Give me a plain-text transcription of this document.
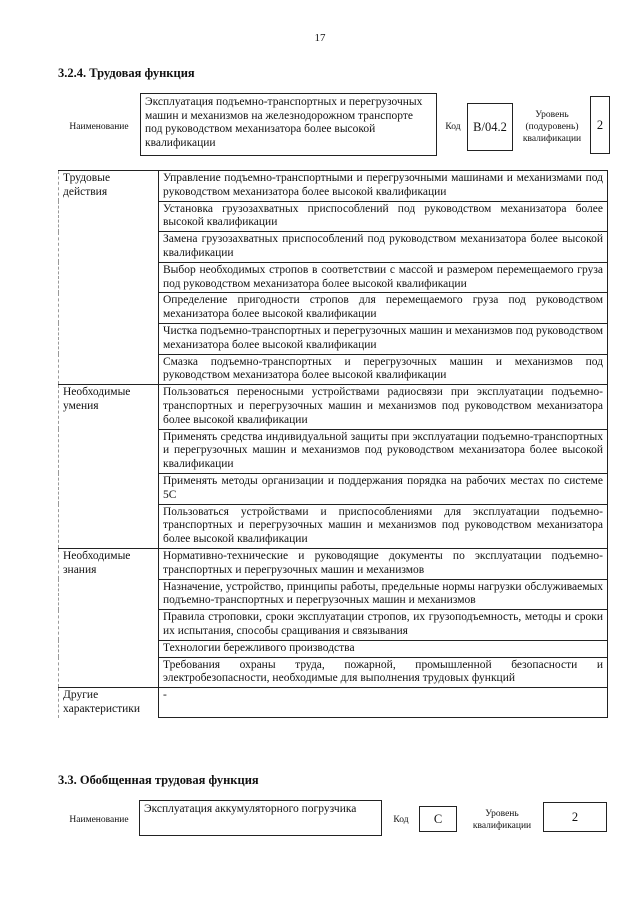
17
3.2.4. Трудовая функция
Наименование
Эксплуатация подъемно-транспортных и перегрузочных машин и механизмов на железнодорожном транспорте под руководством механизатора более высокой квалификации
Код	B/04.2
Уровень (подуровень) квалификации
2
Трудовые действия	Управление подъемно-транспортными и перегрузочными машинами и механизмами под руководством механизатора более высокой квалификации
	Установка грузозахватных приспособлений под руководством механизатора более высокой квалификации
	Замена грузозахватных приспособлений под руководством механизатора более высокой квалификации
	Выбор необходимых стропов в соответствии с массой и размером перемещаемого груза под руководством механизатора более высокой квалификации
	Определение пригодности стропов для перемещаемого груза под руководством механизатора более высокой квалификации
	Чистка подъемно-транспортных и перегрузочных машин и механизмов под руководством механизатора более высокой квалификации
	Смазка подъемно-транспортных и перегрузочных машин и механизмов под руководством механизатора более высокой квалификации
Необходимые умения	Пользоваться переносными устройствами радиосвязи при эксплуатации подъемно-транспортных и перегрузочных машин и механизмов под руководством механизатора более высокой квалификации
	Применять средства индивидуальной защиты при эксплуатации подъемно-транспортных и перегрузочных машин и механизмов под руководством механизатора более высокой квалификации
	Применять методы организации и поддержания порядка на рабочих местах по системе 5С
	Пользоваться устройствами и приспособлениями для эксплуатации подъемно-транспортных и перегрузочных машин и механизмов под руководством механизатора более высокой квалификации
Необходимые знания	Нормативно-технические и руководящие документы по эксплуатации подъемно-транспортных и перегрузочных машин и механизмов
	Назначение, устройство, принципы работы, предельные нормы нагрузки обслуживаемых подъемно-транспортных и перегрузочных машин и механизмов
	Правила строповки, сроки эксплуатации стропов, их грузоподъемность, методы и сроки их испытания, способы сращивания и связывания
	Технологии бережливого производства
	Требования охраны труда, пожарной, промышленной безопасности и электробезопасности, необходимые для выполнения трудовых функций
Другие характеристики	-
3.3. Обобщенная трудовая функция
Наименование
Эксплуатация аккумуляторного погрузчика
Код	C	Уровень квалификации
2
